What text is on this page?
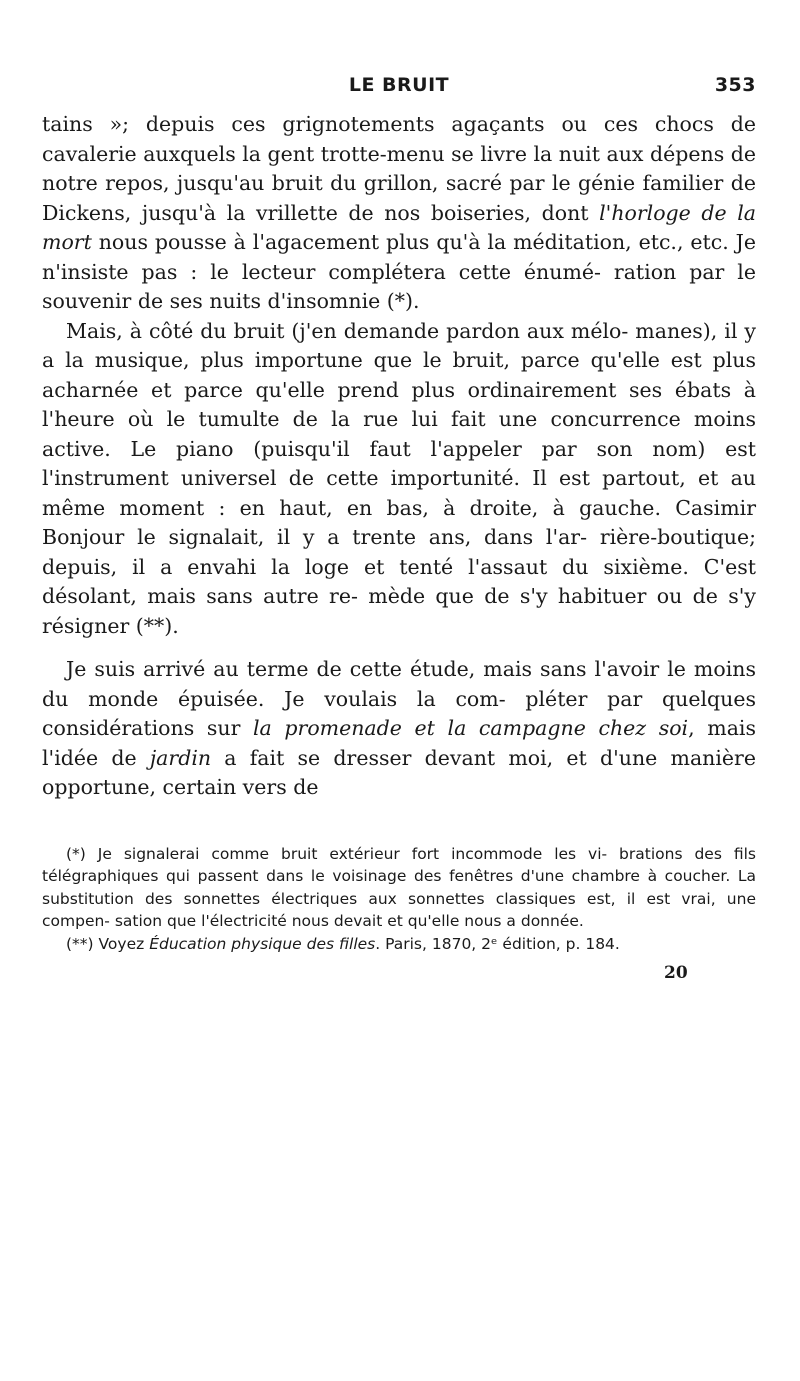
LE BRUIT	353

tains »; depuis ces grignotements agaçants ou ces chocs de cavalerie auxquels la gent trotte-menu se livre la nuit aux dépens de notre repos, jusqu'au bruit du grillon, sacré par le génie familier de Dickens, jusqu'à la vrillette de nos boiseries, dont l'horloge de la mort nous pousse à l'agacement plus qu'à la méditation, etc., etc. Je n'insiste pas : le lecteur complétera cette énumé- ration par le souvenir de ses nuits d'insomnie (*).

Mais, à côté du bruit (j'en demande pardon aux mélo- manes), il y a la musique, plus importune que le bruit, parce qu'elle est plus acharnée et parce qu'elle prend plus ordinairement ses ébats à l'heure où le tumulte de la rue lui fait une concurrence moins active. Le piano (puisqu'il faut l'appeler par son nom) est l'instrument universel de cette importunité. Il est partout, et au même moment : en haut, en bas, à droite, à gauche. Casimir Bonjour le signalait, il y a trente ans, dans l'ar- rière-boutique; depuis, il a envahi la loge et tenté l'assaut du sixième. C'est désolant, mais sans autre re- mède que de s'y habituer ou de s'y résigner (**).

Je suis arrivé au terme de cette étude, mais sans l'avoir le moins du monde épuisée. Je voulais la com- pléter par quelques considérations sur la promenade et la campagne chez soi, mais l'idée de jardin a fait se dresser devant moi, et d'une manière opportune, certain vers de

(*) Je signalerai comme bruit extérieur fort incommode les vi- brations des fils télégraphiques qui passent dans le voisinage des fenêtres d'une chambre à coucher. La substitution des sonnettes électriques aux sonnettes classiques est, il est vrai, une compen- sation que l'électricité nous devait et qu'elle nous a donnée.

(**) Voyez Éducation physique des filles. Paris, 1870, 2ᵉ édition, p. 184.

20
